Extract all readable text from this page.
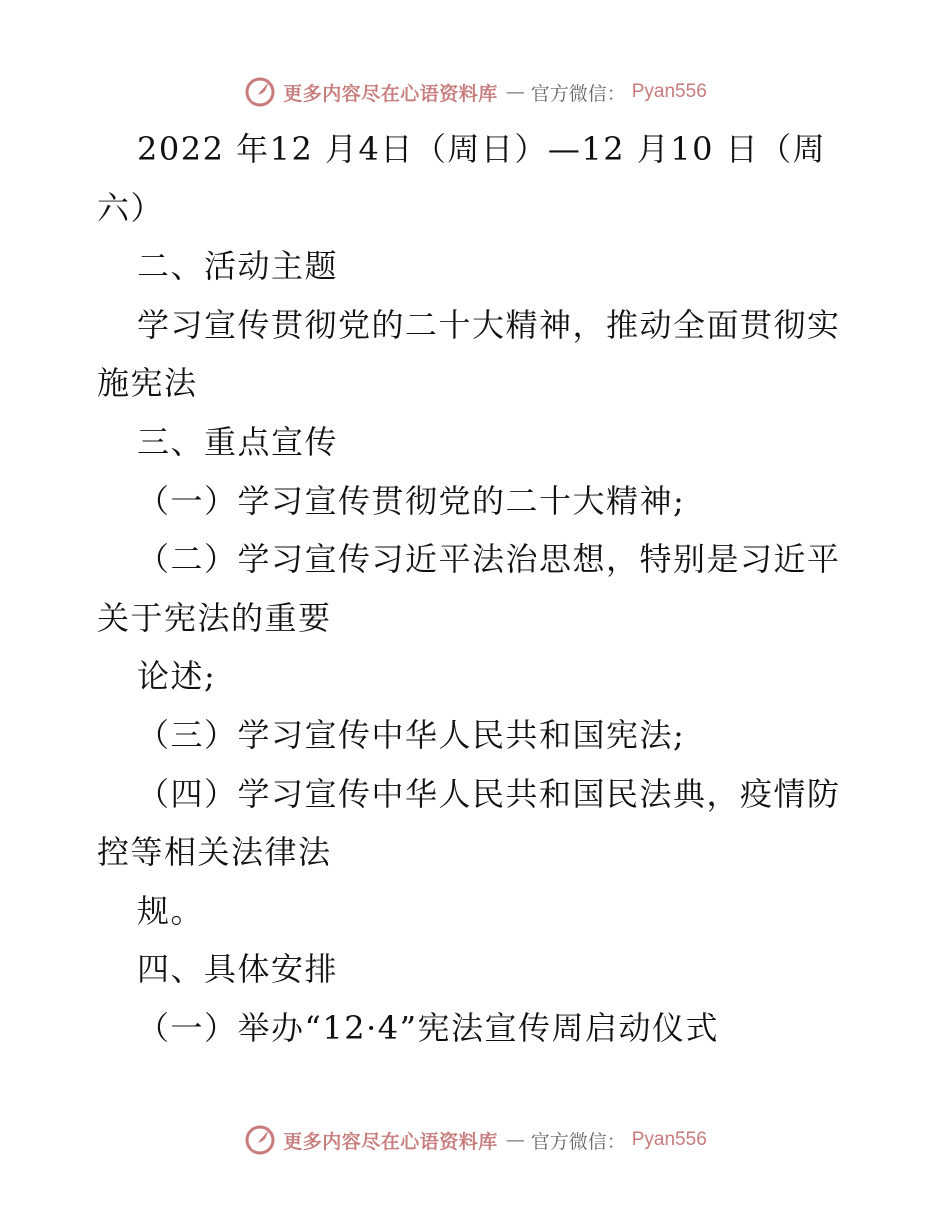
更多内容尽在心语资料库 — 官方微信： Pyan556
2022 年12 月4日（周日）—12 月10 日（周
六）
二、活动主题
学习宣传贯彻党的二十大精神，推动全面贯彻实
施宪法
三、重点宣传
（一）学习宣传贯彻党的二十大精神;
（二）学习宣传习近平法治思想，特别是习近平
关于宪法的重要
论述;
（三）学习宣传中华人民共和国宪法;
（四）学习宣传中华人民共和国民法典，疫情防
控等相关法律法
规。
四、具体安排
（一）举办“12·4”宪法宣传周启动仪式
更多内容尽在心语资料库 — 官方微信： Pyan556
